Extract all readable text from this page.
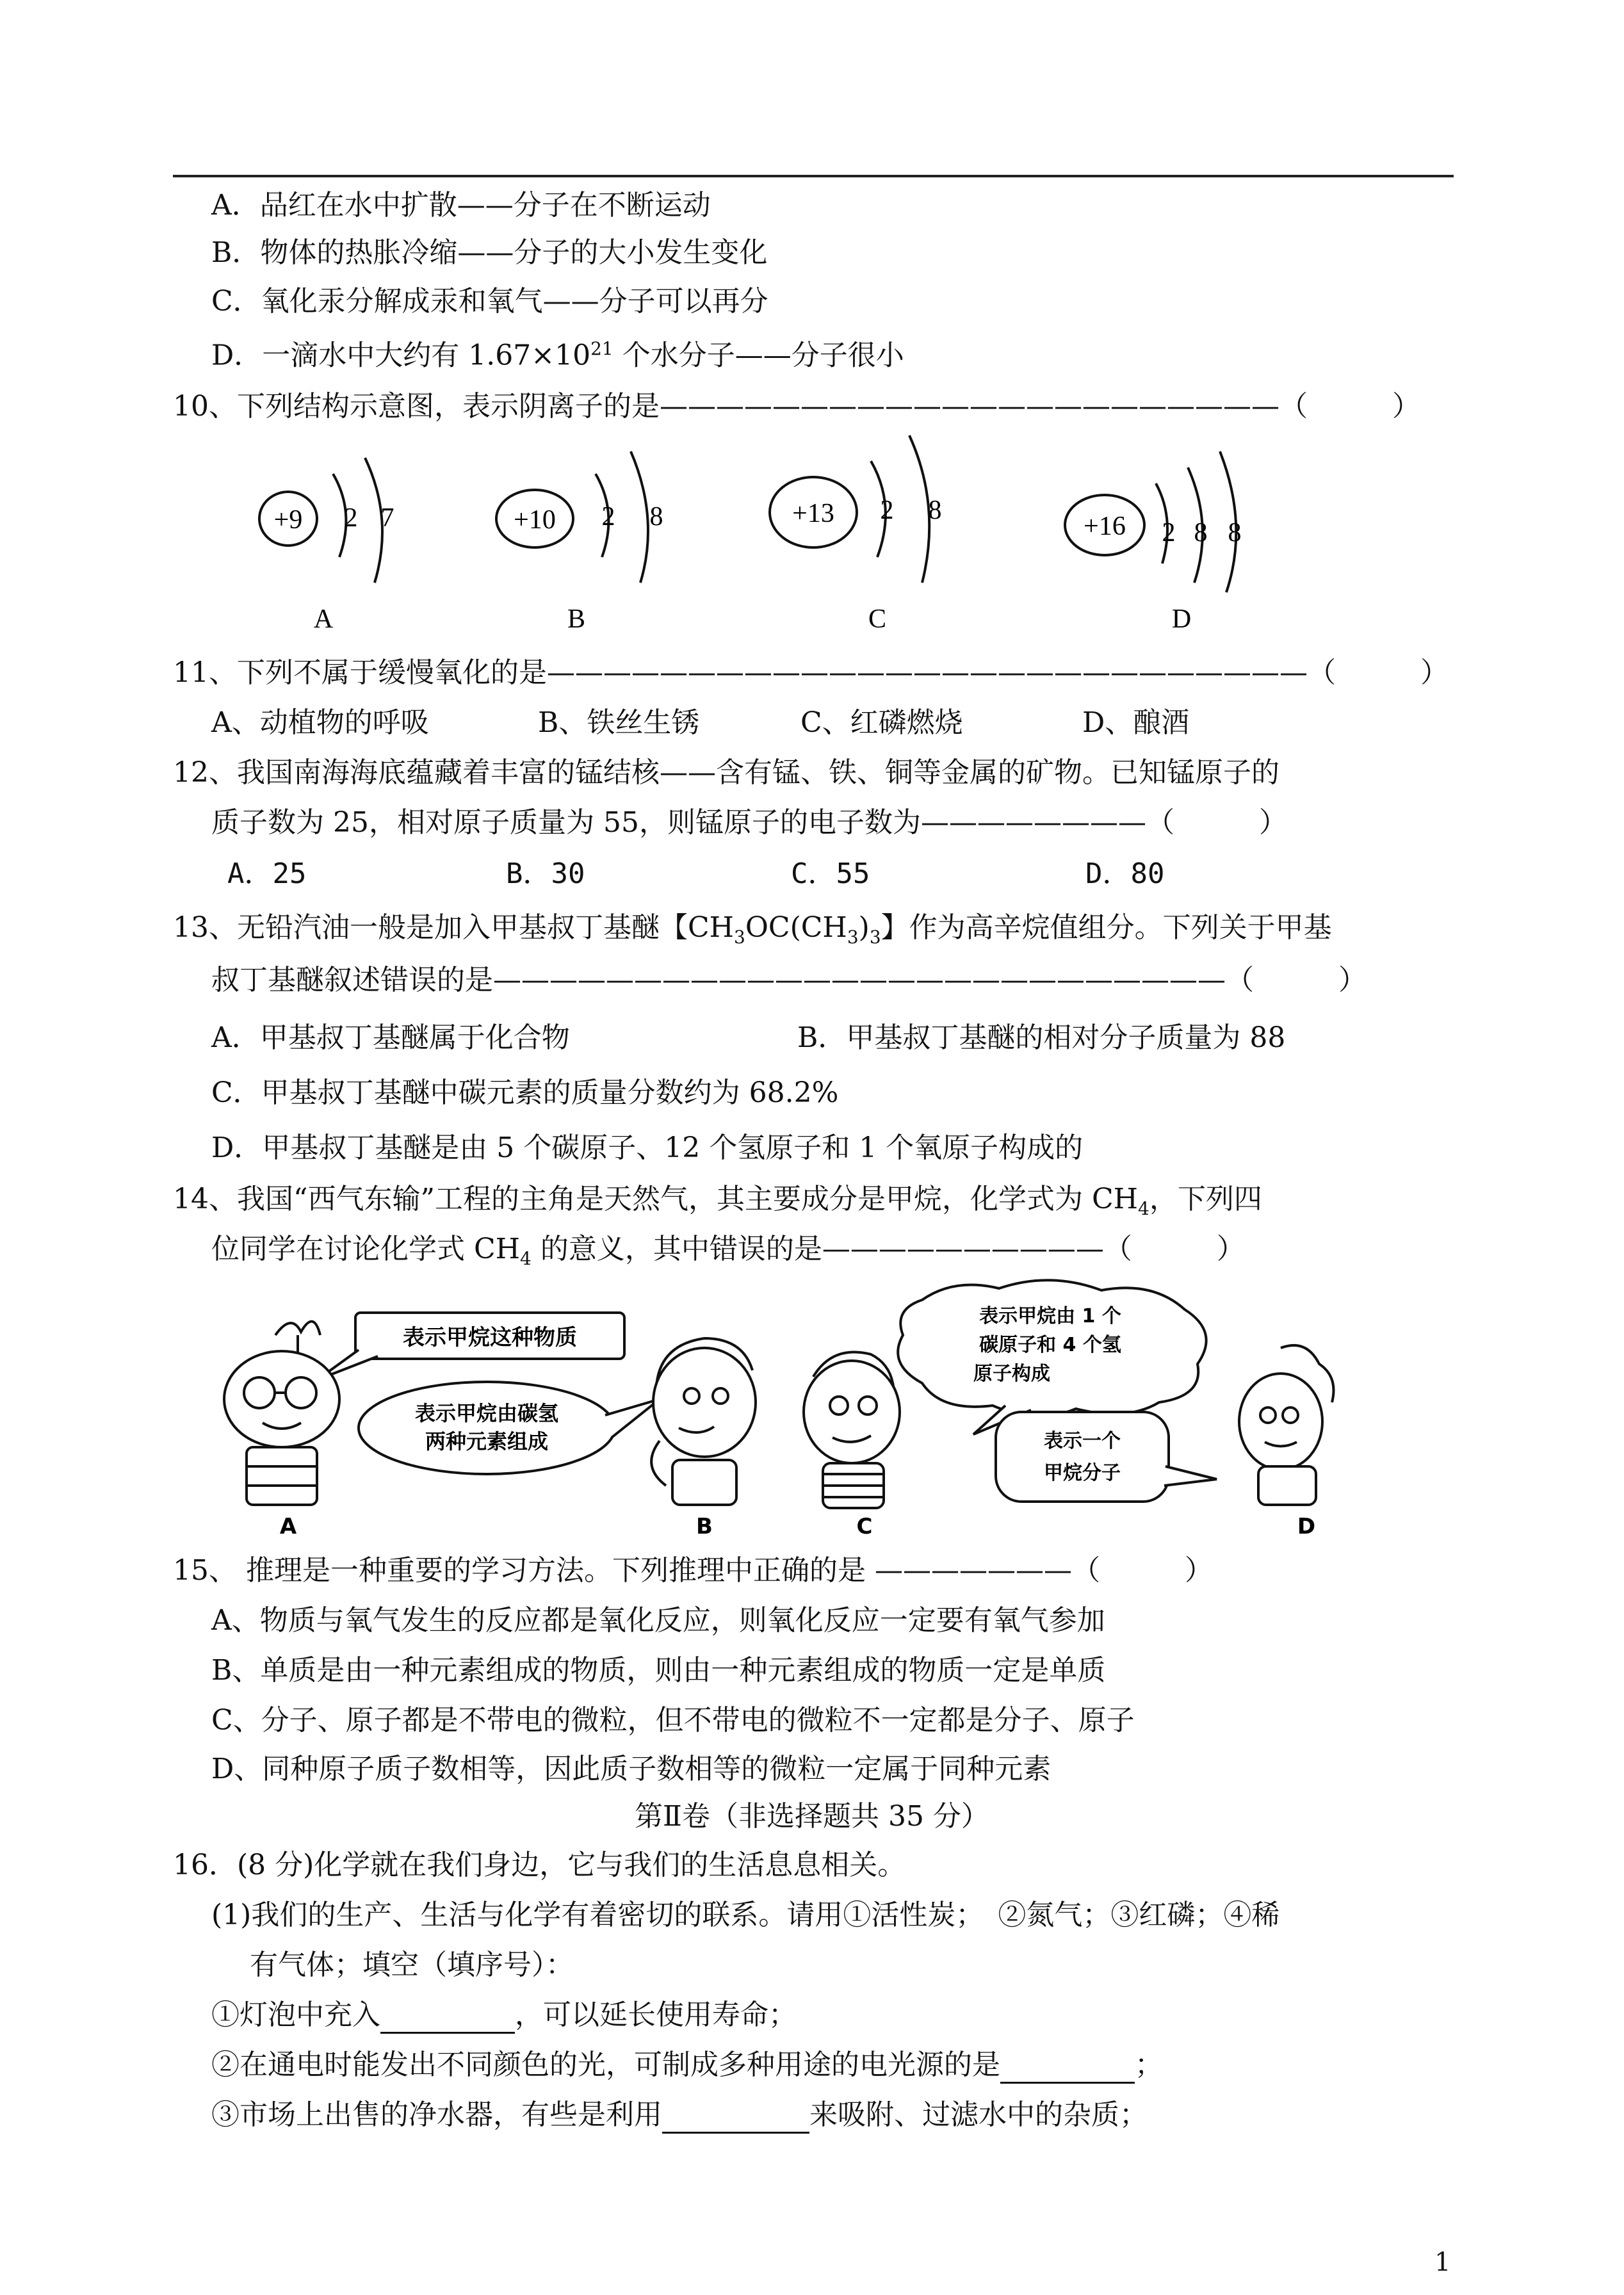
A．品红在水中扩散——分子在不断运动
B．物体的热胀冷缩——分子的大小发生变化
C．氧化汞分解成汞和氧气——分子可以再分
D．一滴水中大约有 $1.67\times 10^{21}$ 个水分子——分子很小
10、下列结构示意图，表示阴离子的是——————————————————————（　　　）
+9 2 7
A
+10 2 8
B
+13 2 8
C
+16 2 8 8
D
11、下列不属于缓慢氧化的是———————————————————————————（　　　）
A、动植物的呼吸	B、铁丝生锈	C、红磷燃烧	D、酿酒
12、我国南海海底蕴藏着丰富的锰结核——含有锰、铁、铜等金属的矿物。已知锰原子的
质子数为 25，相对原子质量为 55，则锰原子的电子数为————————（　　　）
A．25	B．30	C．55	D．80
13、无铅汽油一般是加入甲基叔丁基醚【$CH_3OC(CH_3)_3$】作为高辛烷值组分。下列关于甲基
叔丁基醚叙述错误的是——————————————————————————（　　　）
A．甲基叔丁基醚属于化合物	B．甲基叔丁基醚的相对分子质量为 88
C．甲基叔丁基醚中碳元素的质量分数约为 68.2%
D．甲基叔丁基醚是由 5 个碳原子、12 个氢原子和 1 个氧原子构成的
14、我国“西气东输”工程的主角是天然气，其主要成分是甲烷，化学式为 $CH_4$，下列四
位同学在讨论化学式 $CH_4$ 的意义，其中错误的是——————————（　　　）
表示甲烷这种物质
表示甲烷由碳氢
两种元素组成
表示甲烷由 1 个
碳原子和 4 个氢
原子构成
表示一个
甲烷分子
A	B	C	D
15、 推理是一种重要的学习方法。下列推理中正确的是 ———————（　　　）
A、物质与氧气发生的反应都是氧化反应，则氧化反应一定要有氧气参加
B、单质是由一种元素组成的物质，则由一种元素组成的物质一定是单质
C、分子、原子都是不带电的微粒，但不带电的微粒不一定都是分子、原子
D、同种原子质子数相等，因此质子数相等的微粒一定属于同种元素
第Ⅱ卷（非选择题共 35 分）
16．(8 分)化学就在我们身边，它与我们的生活息息相关。
(1)我们的生产、生活与化学有着密切的联系。请用①活性炭；　②氮气；③红磷；④稀
有气体；填空（填序号）：
①灯泡中充入	，可以延长使用寿命；
②在通电时能发出不同颜色的光，可制成多种用途的电光源的是	；
③市场上出售的净水器，有些是利用	来吸附、过滤水中的杂质；
1
